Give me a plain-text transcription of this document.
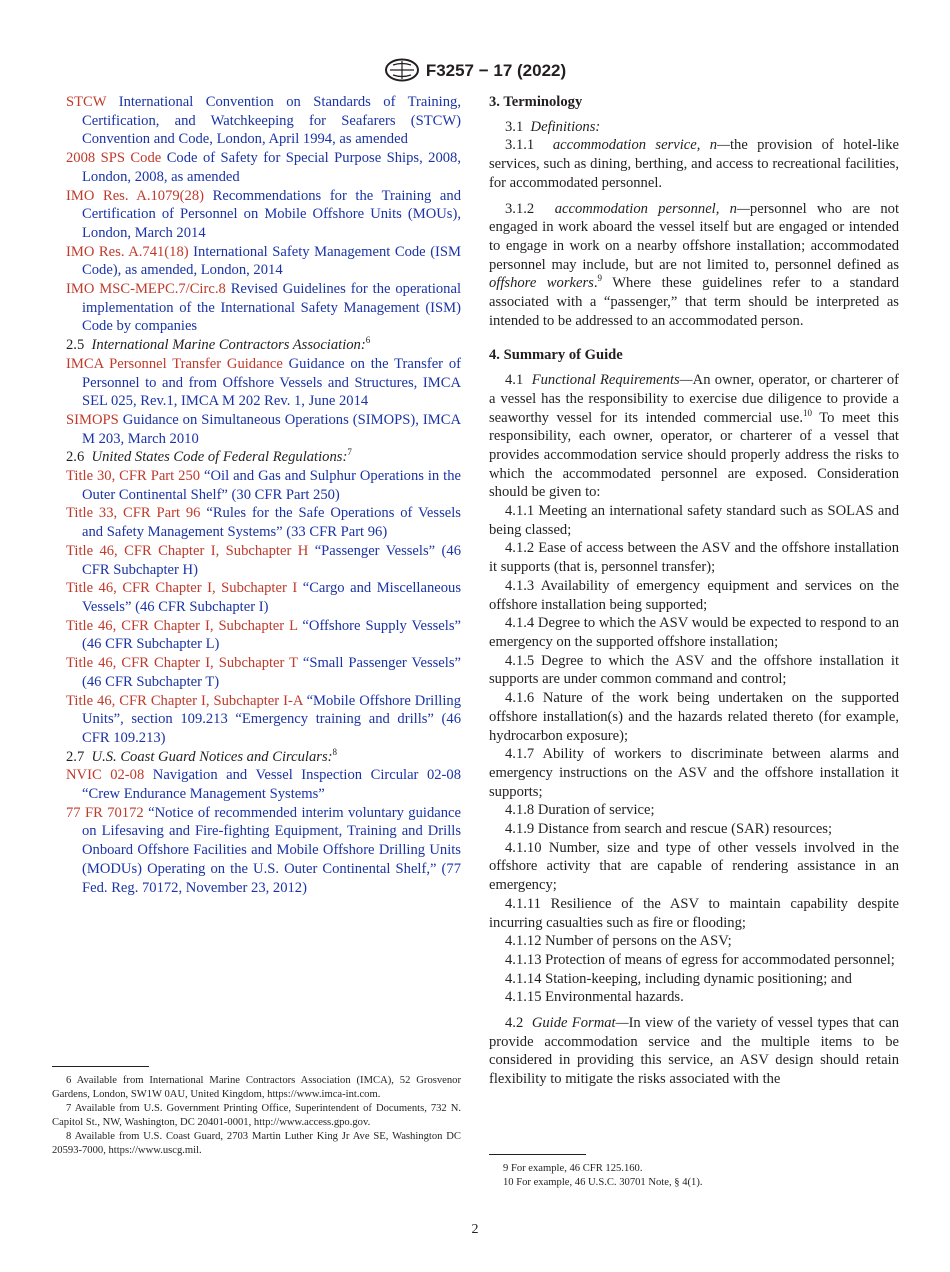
F3257 − 17 (2022)

STCW International Convention on Standards of Training, Certification, and Watchkeeping for Seafarers (STCW) Convention and Code, London, April 1994, as amended

2008 SPS Code Code of Safety for Special Purpose Ships, 2008, London, 2008, as amended

IMO Res. A.1079(28) Recommendations for the Training and Certification of Personnel on Mobile Offshore Units (MOUs), London, March 2014

IMO Res. A.741(18) International Safety Management Code (ISM Code), as amended, London, 2014

IMO MSC-MEPC.7/Circ.8 Revised Guidelines for the operational implementation of the International Safety Management (ISM) Code by companies

2.5 International Marine Contractors Association:$^6$

IMCA Personnel Transfer Guidance Guidance on the Transfer of Personnel to and from Offshore Vessels and Structures, IMCA SEL 025, Rev.1, IMCA M 202 Rev. 1, June 2014

SIMOPS Guidance on Simultaneous Operations (SIMOPS), IMCA M 203, March 2010

2.6 United States Code of Federal Regulations:$^7$

Title 30, CFR Part 250 “Oil and Gas and Sulphur Operations in the Outer Continental Shelf” (30 CFR Part 250)

Title 33, CFR Part 96 “Rules for the Safe Operations of Vessels and Safety Management Systems” (33 CFR Part 96)

Title 46, CFR Chapter I, Subchapter H “Passenger Vessels” (46 CFR Subchapter H)

Title 46, CFR Chapter I, Subchapter I “Cargo and Miscellaneous Vessels” (46 CFR Subchapter I)

Title 46, CFR Chapter I, Subchapter L “Offshore Supply Vessels” (46 CFR Subchapter L)

Title 46, CFR Chapter I, Subchapter T “Small Passenger Vessels” (46 CFR Subchapter T)

Title 46, CFR Chapter I, Subchapter I-A “Mobile Offshore Drilling Units”, section 109.213 “Emergency training and drills” (46 CFR 109.213)

2.7 U.S. Coast Guard Notices and Circulars:$^8$

NVIC 02-08 Navigation and Vessel Inspection Circular 02-08 “Crew Endurance Management Systems”

77 FR 70172 “Notice of recommended interim voluntary guidance on Lifesaving and Fire-fighting Equipment, Training and Drills Onboard Offshore Facilities and Mobile Offshore Drilling Units (MODUs) Operating on the U.S. Outer Continental Shelf,” (77 Fed. Reg. 70172, November 23, 2012)

6 Available from International Marine Contractors Association (IMCA), 52 Grosvenor Gardens, London, SW1W 0AU, United Kingdom, https://www.imca-int.com.

7 Available from U.S. Government Printing Office, Superintendent of Documents, 732 N. Capitol St., NW, Washington, DC 20401-0001, http://www.access.gpo.gov.

8 Available from U.S. Coast Guard, 2703 Martin Luther King Jr Ave SE, Washington DC 20593-7000, https://www.uscg.mil.

3. Terminology

3.1 Definitions:

3.1.1 accommodation service, n—the provision of hotel-like services, such as dining, berthing, and access to recreational facilities, for accommodated personnel.

3.1.2 accommodation personnel, n—personnel who are not engaged in work aboard the vessel itself but are engaged or intended to engage in work on a nearby offshore installation; accommodated personnel may include, but are not limited to, personnel defined as offshore workers.$^9$ Where these guidelines refer to a standard associated with a “passenger,” that term should be interpreted as intended to be addressed to an accommodated person.

4. Summary of Guide

4.1 Functional Requirements—An owner, operator, or charterer of a vessel has the responsibility to exercise due diligence to provide a seaworthy vessel for its intended commercial use.$^{10}$ To meet this responsibility, each owner, operator, or charterer of a vessel that provides accommodation service should properly address the risks to which the accommodated personnel are exposed. Consideration should be given to:

4.1.1 Meeting an international safety standard such as SOLAS and being classed;

4.1.2 Ease of access between the ASV and the offshore installation it supports (that is, personnel transfer);

4.1.3 Availability of emergency equipment and services on the offshore installation being supported;

4.1.4 Degree to which the ASV would be expected to respond to an emergency on the supported offshore installation;

4.1.5 Degree to which the ASV and the offshore installation it supports are under common command and control;

4.1.6 Nature of the work being undertaken on the supported offshore installation(s) and the hazards related thereto (for example, hydrocarbon exposure);

4.1.7 Ability of workers to discriminate between alarms and emergency instructions on the ASV and the offshore installation it supports;

4.1.8 Duration of service;

4.1.9 Distance from search and rescue (SAR) resources;

4.1.10 Number, size and type of other vessels involved in the offshore activity that are capable of rendering assistance in an emergency;

4.1.11 Resilience of the ASV to maintain capability despite incurring casualties such as fire or flooding;

4.1.12 Number of persons on the ASV;

4.1.13 Protection of means of egress for accommodated personnel;

4.1.14 Station-keeping, including dynamic positioning; and

4.1.15 Environmental hazards.

4.2 Guide Format—In view of the variety of vessel types that can provide accommodation service and the multiple items to be considered in providing this service, an ASV design should retain flexibility to mitigate the risks associated with the

9 For example, 46 CFR 125.160.

10 For example, 46 U.S.C. 30701 Note, § 4(1).

2
